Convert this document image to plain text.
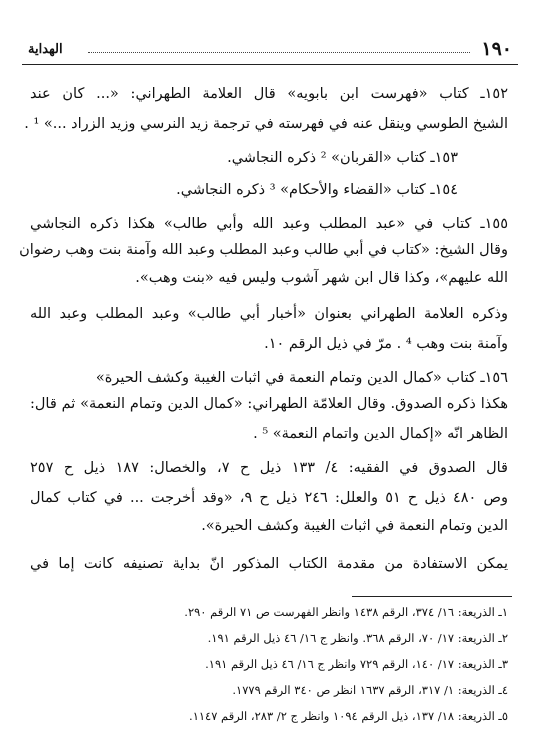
١٩٠
الهداية
١٥٢ـ كتاب «فهرست ابن بابويه» قال العلامة الطهراني: «... كان عند
الشيخ الطوسي وينقل عنه في فهرسته في ترجمة زيد النرسي وزيد الزراد ...» ¹ .
١٥٣ـ كتاب «القربان» ² ذكره النجاشي.
١٥٤ـ كتاب «القضاء والأحكام» ³ ذكره النجاشي.
١٥٥ـ كتاب في «عبد المطلب وعبد الله وأبي طالب» هكذا ذكره النجاشي
وقال الشيخ: «كتاب في أبي طالب وعبد المطلب وعبد الله وآمنة بنت وهب رضوان
الله عليهم»، وكذا قال ابن شهر آشوب وليس فيه «بنت وهب».
وذكره العلامة الطهراني بعنوان «أخبار أبي طالب» وعبد المطلب وعبد الله
وآمنة بنت وهب ⁴ . مرّ في ذيل الرقم ١٠.
١٥٦ـ كتاب «كمال الدين وتمام النعمة في اثبات الغيبة وكشف الحيرة»
هكذا ذكره الصدوق. وقال العلامّة الطهراني: «كمال الدين وتمام النعمة» ثم قال:
الظاهر انّه «إكمال الدين واتمام النعمة» ⁵ .
قال الصدوق في الفقيه: ٤/ ١٣٣ ذيل ح ٧، والخصال: ١٨٧ ذيل ح ٢٥٧
وص ٤٨٠ ذيل ح ٥١ والعلل: ٢٤٦ ذيل ح ٩، «وقد أخرجت ... في كتاب كمال
الدين وتمام النعمة في اثبات الغيبة وكشف الحيرة».
يمكن الاستفادة من مقدمة الكتاب المذكور انّ بداية تصنيفه كانت إما في
١ـ الذريعة: ١٦/ ٣٧٤، الرقم ١٤٣٨ وانظر الفهرست ص ٧١ الرقم ٢٩٠.
٢ـ الذريعة: ١٧/ ٧٠، الرقم ٣٦٨. وانظر ج ١٦/ ٤٦ ذيل الرقم ١٩١.
٣ـ الذريعة: ١٧/ ١٤٠، الرقم ٧٢٩ وانظر ج ١٦/ ٤٦ ذيل الرقم ١٩١.
٤ـ الذريعة: ١/ ٣١٧، الرقم ١٦٣٧ انظر ص ٣٤٠ الرقم ١٧٧٩.
٥ـ الذريعة: ١٨/ ١٣٧، ذيل الرقم ١٠٩٤ وانظر ج ٢/ ٢٨٣، الرقم ١١٤٧.
